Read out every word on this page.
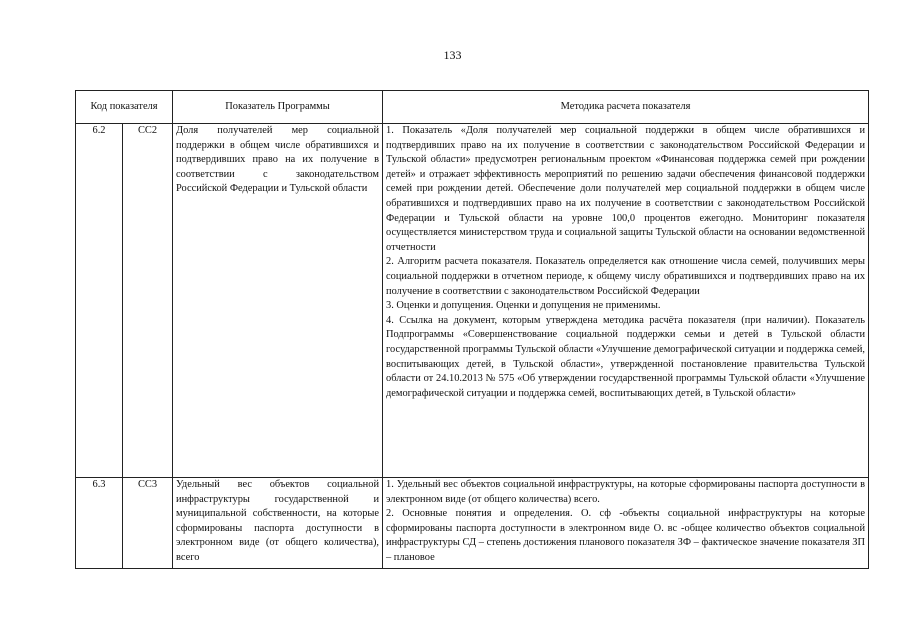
133
Код показателя		Показатель Программы	Методика расчета показателя
6.2	СС2	Доля получателей мер социальной поддержки в общем числе обратившихся и подтвердивших право на их получение в соответствии с законодательством Российской Федерации и Тульской области	1. Показатель «Доля получателей мер социальной поддержки в общем числе обратившихся и подтвердивших право на их получение в соответствии с законодательством Российской Федерации и Тульской области» предусмотрен региональным проектом «Финансовая поддержка семей при рождении детей» и отражает эффективность мероприятий по решению задачи обеспечения финансовой поддержки семей при рождении детей. Обеспечение доли получателей мер социальной поддержки в общем числе обратившихся и подтвердивших право на их получение в соответствии с законодательством Российской Федерации и Тульской области на уровне 100,0 процентов ежегодно. Мониторинг показателя осуществляется министерством труда и социальной защиты Тульской области на основании ведомственной отчетности

2. Алгоритм расчета показателя. Показатель определяется как отношение числа семей, получивших меры социальной поддержки в отчетном периоде, к общему числу обратившихся и подтвердивших право на их получение в соответствии с законодательством Российской Федерации

3. Оценки и допущения. Оценки и допущения не применимы.

4. Ссылка на документ, которым утверждена методика расчёта показателя (при наличии). Показатель Подпрограммы «Совершенствование социальной поддержки семьи и детей в Тульской области государственной программы Тульской области «Улучшение демографической ситуации и поддержка семей, воспитывающих детей, в Тульской области», утвержденной постановление правительства Тульской области от 24.10.2013 № 575 «Об утверждении государственной программы Тульской области «Улучшение демографической ситуации и поддержка семей, воспитывающих детей, в Тульской области»

6.3	СС3	Удельный вес объектов социальной инфраструктуры государственной и муниципальной собственности, на которые сформированы паспорта доступности в электронном виде (от общего количества), всего	1. Удельный вес объектов социальной инфраструктуры, на которые сформированы паспорта доступности в электронном виде (от общего количества) всего.

2. Основные понятия и определения. О. сф -объекты социальной инфраструктуры на которые сформированы паспорта доступности в электронном виде О. вс -общее количество объектов социальной инфраструктуры СД – степень достижения планового показателя ЗФ – фактическое значение показателя ЗП – плановое
